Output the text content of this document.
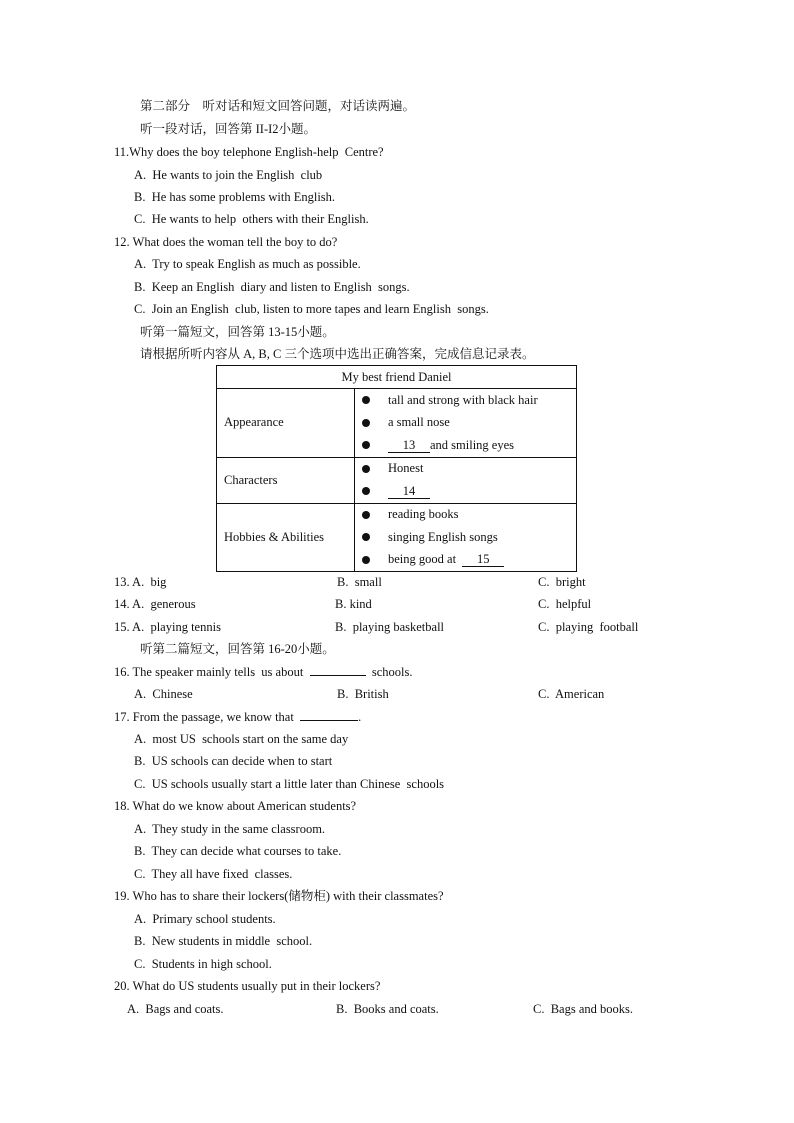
第二部分　听对话和短文回答问题，对话读两遍。
听一段对话，回答第 II-I2小题。
11.Why does the boy telephone English-help  Centre?
A.  He wants to join the English  club
B.  He has some problems with English.
C.  He wants to help  others with their English.
12. What does the woman tell the boy to do?
A.  Try to speak English as much as possible.
B.  Keep an English  diary and listen to English  songs.
C.  Join an English  club, listen to more tapes and learn English  songs.
听第一篇短文，回答第 13-15小题。
请根据所听内容从 A, B, C 三个选项中选出正确答案，完成信息记录表。
My best friend Daniel	
Appearance	tall and strong with black hair
a small nose
13 and smiling eyes

Characters	Honest
14

Hobbies & Abilities	reading books
singing English songs
being good at 15
13. A.  big	B.  small	C.  bright
14. A.  generous	B. kind	C.  helpful
15. A.  playing tennis	B.  playing basketball	C.  playing  football
听第二篇短文，回答第 16-20小题。
16. The speaker mainly tells  us about	schools.
A.  Chinese	B.  British	C.  American
17. From the passage, we know that	.
A.  most US  schools start on the same day
B.  US schools can decide when to start
C.  US schools usually start a little later than Chinese  schools
18. What do we know about American students?
A.  They study in the same classroom.
B.  They can decide what courses to take.
C.  They all have fixed  classes.
19. Who has to share their lockers(储物柜) with their classmates?
A.  Primary school students.
B.  New students in middle  school.
C.  Students in high school.
20. What do US students usually put in their lockers?
A.  Bags and coats.	B.  Books and coats.	C.  Bags and books.
